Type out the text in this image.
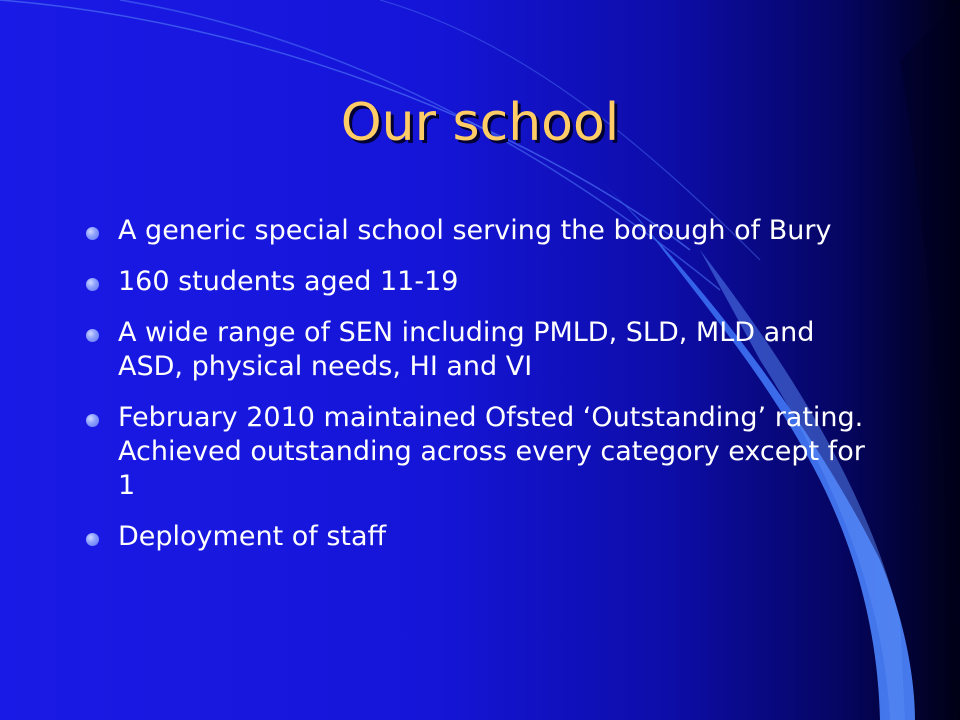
Our school
A generic special school serving the borough of Bury
160 students aged 11-19
A wide range of SEN including PMLD, SLD, MLD and ASD, physical needs, HI and VI
February 2010 maintained Ofsted ‘Outstanding’ rating. Achieved outstanding across every category except for 1
Deployment of staff
